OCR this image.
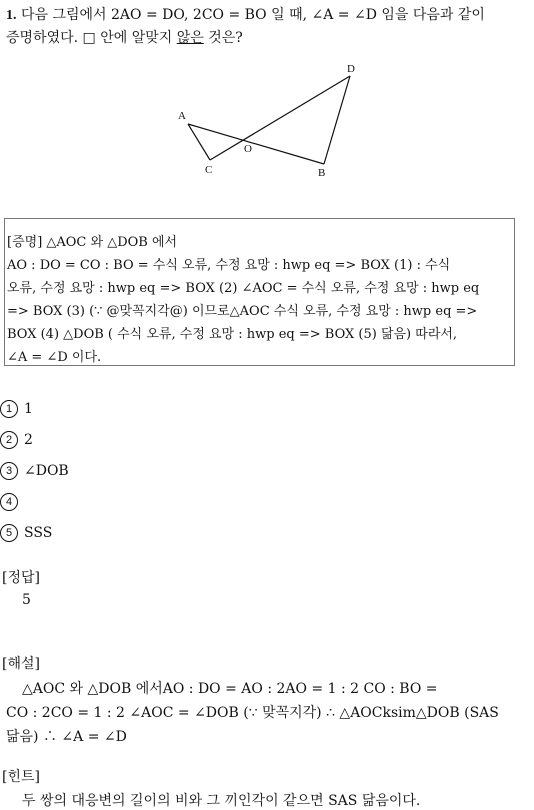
1. 다음 그림에서 2AO = DO, 2CO = BO 일 때, ∠A = ∠D 임을 다음과 같이
증명하였다. □ 안에 알맞지 않은 것은?
A
C
O
B
D
[증명] △AOC 와 △DOB 에서
AO : DO = CO : BO = 수식 오류, 수정 요망 : hwp eq => BOX (1) : 수식
오류, 수정 요망 : hwp eq => BOX (2) ∠AOC = 수식 오류, 수정 요망 : hwp eq
=> BOX (3) (∵ @맞꼭지각@) 이므로△AOC 수식 오류, 수정 요망 : hwp eq =>
BOX (4) △DOB ( 수식 오류, 수정 요망 : hwp eq => BOX (5) 닮음) 따라서,
∠A = ∠D 이다.
1 1
2 2
3 ∠DOB
4
5 SSS
[정답]
5
[해설]
△AOC 와 △DOB 에서AO : DO = AO : 2AO = 1 : 2 CO : BO =
CO : 2CO = 1 : 2 ∠AOC = ∠DOB (∵ 맞꼭지각) ∴ △AOCksim△DOB (SAS
닮음) ∴ ∠A = ∠D
[힌트]
두 쌍의 대응변의 길이의 비와 그 끼인각이 같으면 SAS 닮음이다.
